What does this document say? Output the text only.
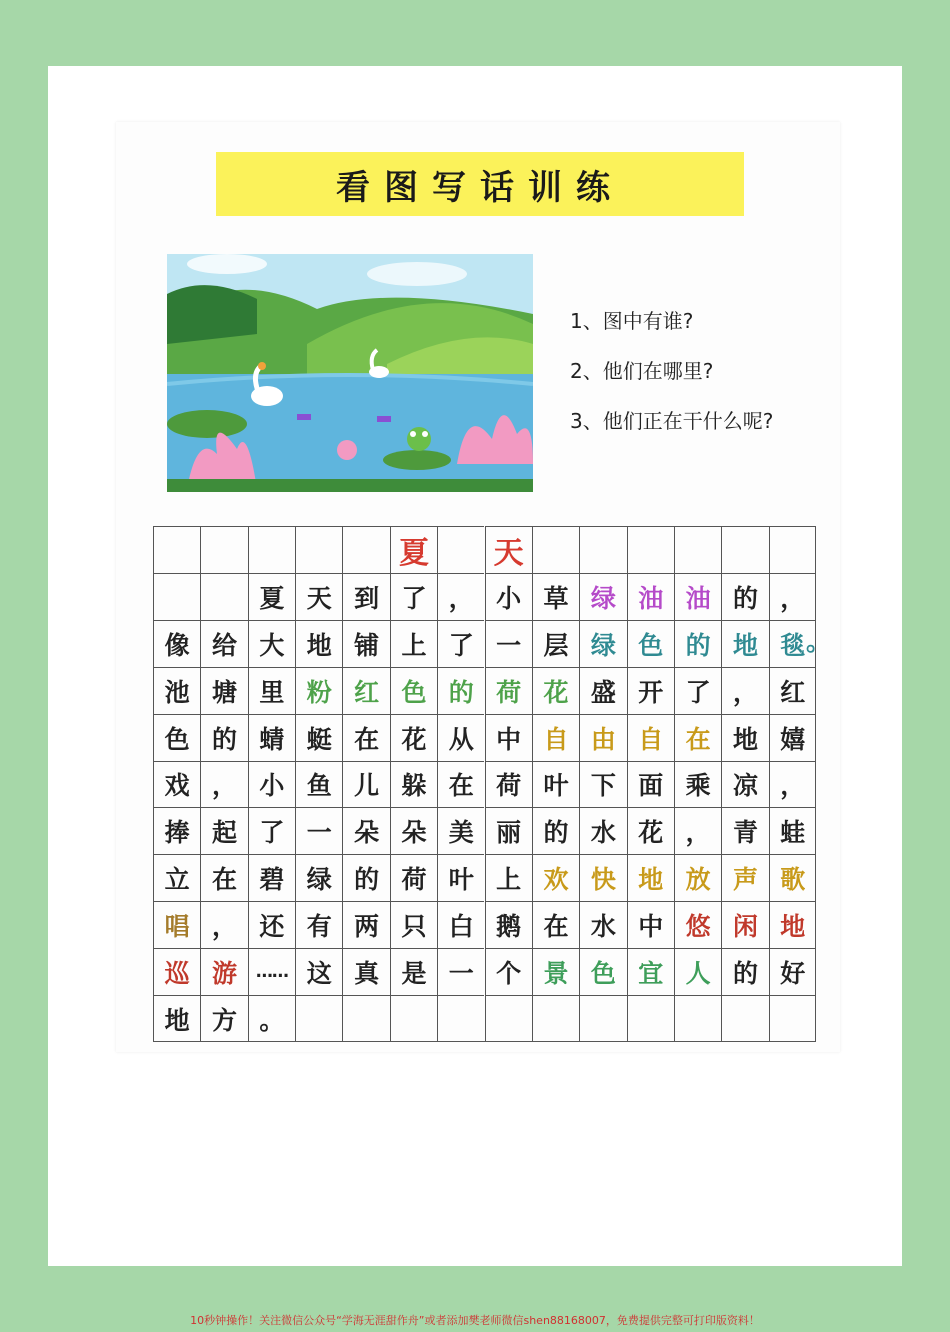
看图写话训练
1、图中有谁?
2、他们在哪里?
3、他们正在干什么呢?
夏	天
夏 天 到 了 ， 小 草 绿 油 油 的 ，
像 给 大 地 铺 上 了 一 层 绿 色 的 地 毯
池 塘 里 粉 红 色 的 荷 花 盛 开 了 ， 红
色 的 蜻 蜓 在 花 从 中 自 由 自 在 地 嬉
戏 ， 小 鱼 儿 躲 在 荷 叶 下 面 乘 凉 ，
捧 起 了 一 朵 朵 美 丽 的 水 花 ， 青 蛙
立 在 碧 绿 的 荷 叶 上 欢 快 地 放 声 歌
唱 ， 还 有 两 只 白 鹅 在 水 中 悠 闲 地
巡 游	…… 这 真 是 一 个 景 色 宜 人 的 好
地 方 。
。
10秒钟操作！关注微信公众号“学海无涯甜作舟”或者添加樊老师微信shen88168007，免费提供完整可打印版资料！
